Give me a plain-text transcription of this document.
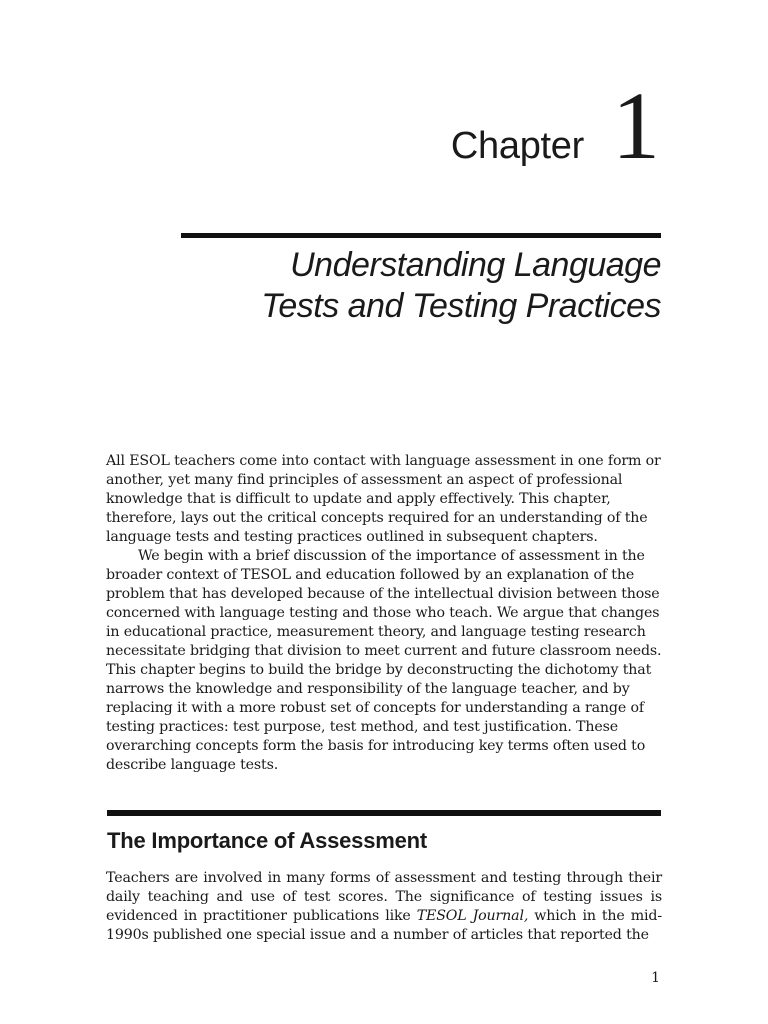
Chapter 1
Understanding Language
Tests and Testing Practices

All ESOL teachers come into contact with language assessment in one form or another, yet many find principles of assessment an aspect of professional knowledge that is difficult to update and apply effectively. This chapter, therefore, lays out the critical concepts required for an understanding of the language tests and testing practices outlined in subsequent chapters.

We begin with a brief discussion of the importance of assessment in the broader context of TESOL and education followed by an explanation of the problem that has developed because of the intellectual division between those concerned with language testing and those who teach. We argue that changes in educational practice, measurement theory, and language testing research necessitate bridging that division to meet current and future classroom needs. This chapter begins to build the bridge by deconstructing the dichotomy that narrows the knowledge and responsibility of the language teacher, and by replacing it with a more robust set of concepts for understanding a range of testing practices: test purpose, test method, and test justification. These overarching concepts form the basis for introducing key terms often used to describe language tests.

The Importance of Assessment

Teachers are involved in many forms of assessment and testing through their daily teaching and use of test scores. The significance of testing issues is evidenced in practitioner publications like TESOL Journal, which in the mid-1990s published one special issue and a number of articles that reported the

1
